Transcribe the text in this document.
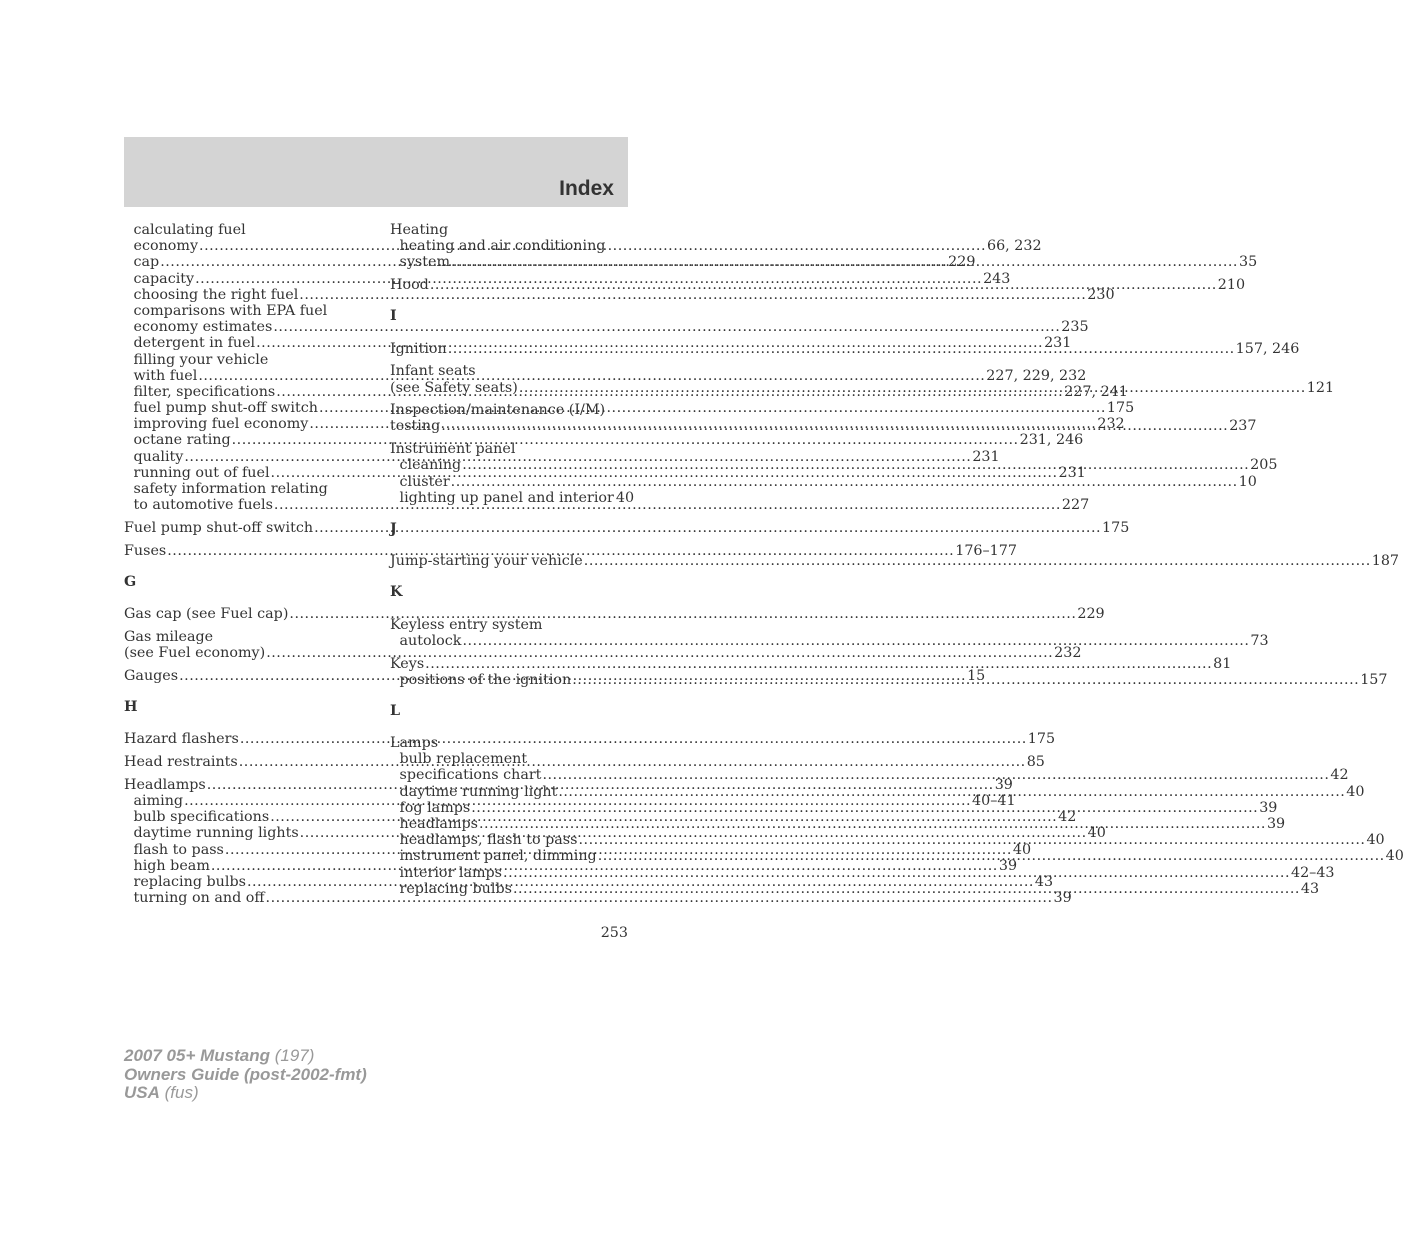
Index
calculating fuel
economy .....	66, 232
cap .....	229
capacity .....	243
choosing the right fuel .....	230
comparisons with EPA fuel
economy estimates .....	235
detergent in fuel .....	231
filling your vehicle
with fuel .....	227, 229, 232
filter, specifications .....	227, 241
fuel pump shut-off switch .....	175
improving fuel economy .....	232
octane rating .....	231, 246
quality .....	231
running out of fuel .....	231
safety information relating
to automotive fuels .....	227
Fuel pump shut-off switch .....	175
Fuses .....	176–177
G
Gas cap (see Fuel cap) .....	229
Gas mileage
(see Fuel economy) .....	232
Gauges .....	15
H
Hazard flashers .....	175
Head restraints .....	85
Headlamps .....	39
aiming .....	40–41
bulb specifications .....	42
daytime running lights .....	40
flash to pass .....	40
high beam .....	39
replacing bulbs .....	43
turning on and off .....	39
Heating
heating and air conditioning
system .....	35
Hood .....	210
I
Ignition .....	157, 246
Infant seats
(see Safety seats) .....	121
Inspection/maintenance (I/M)
testing .....	237
Instrument panel
cleaning .....	205
cluster .....	10
lighting up panel and interior 40
J
Jump-starting your vehicle .....	187
K
Keyless entry system
autolock .....	73
Keys .....	81
positions of the ignition .....	157
L
Lamps
bulb replacement
specifications chart .....	42
daytime running light .....	40
fog lamps .....	39
headlamps .....	39
headlamps, flash to pass .....	40
instrument panel, dimming .....	40
interior lamps .....	42–43
replacing bulbs .....	43
253
2007 05+ Mustang (197)
Owners Guide (post-2002-fmt)
USA (fus)
